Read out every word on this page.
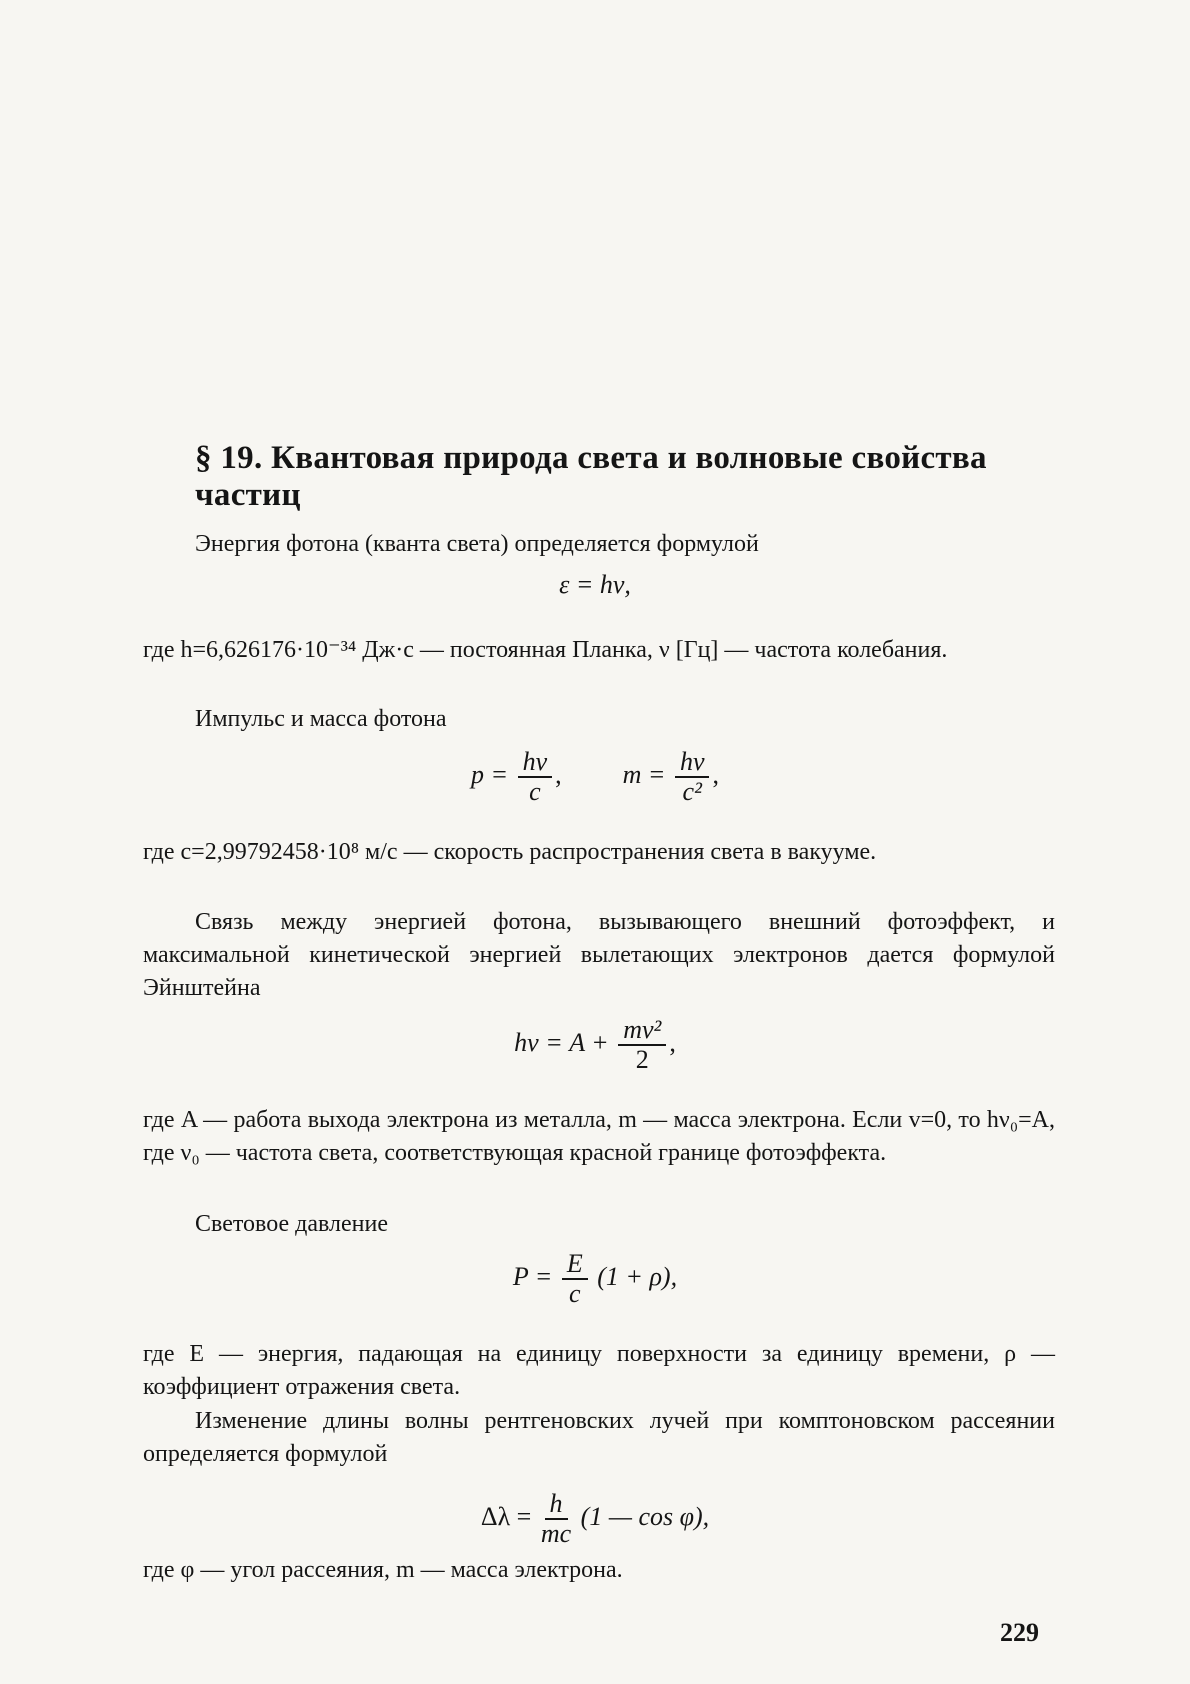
§ 19. Квантовая природа света и волновые свойства частиц
Энергия фотона (кванта света) определяется формулой
ε = hν,
где h=6,626176·10⁻³⁴ Дж·с — постоянная Планка, ν [Гц] — частота колебания.
Импульс и масса фотона
$p = \frac{h\nu}{c}$ , $m = \frac{h\nu}{\text{c²}}$ ,
где c=2,99792458·10⁸ м/с — скорость распространения света в вакууме.
Связь между энергией фотона, вызывающего внешний фотоэффект, и максимальной кинетической энергией вылетающих электронов дается формулой Эйнштейна
$h\nu = A + \frac{\text{mv²}}{2}$ ,
где A — работа выхода электрона из металла, m — масса электрона. Если v=0, то hν₀=A, где ν₀ — частота света, соответствующая красной границе фотоэффекта.
Световое давление
$P = \frac{E}{c} (1 + \rho)$,
где E — энергия, падающая на единицу поверхности за единицу времени, ρ — коэффициент отражения света.
Изменение длины волны рентгеновских лучей при комптоновском рассеянии определяется формулой
$\Delta\lambda = \frac{h}{mc} (1$ — cos φ),
где φ — угол рассеяния, m — масса электрона.
229
